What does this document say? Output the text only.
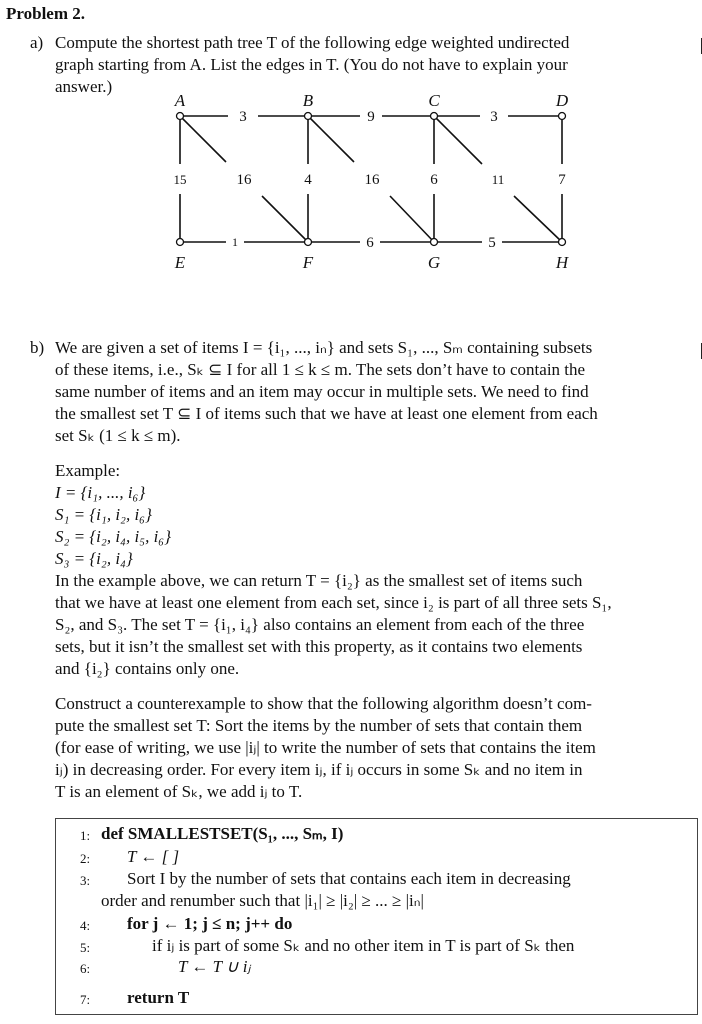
Problem 2.
a) Compute the shortest path tree T of the following edge weighted undirected
graph starting from A. List the edges in T. (You do not have to explain your
answer.)
A	B	C	D
E	F	G	H
3	9	3
15	16	4	16	6	11	7
1	6	5
b) We are given a set of items I = {i₁, ..., iₙ} and sets S₁, ..., Sₘ containing subsets
of these items, i.e., Sₖ ⊆ I for all 1 ≤ k ≤ m. The sets don’t have to contain the
same number of items and an item may occur in multiple sets. We need to find
the smallest set T ⊆ I of items such that we have at least one element from each
set Sₖ (1 ≤ k ≤ m).
Example:
I = {i₁, ..., i₆}
S₁ = {i₁, i₂, i₆}
S₂ = {i₂, i₄, i₅, i₆}
S₃ = {i₂, i₄}
In the example above, we can return T = {i₂} as the smallest set of items such
that we have at least one element from each set, since i₂ is part of all three sets S₁,
S₂, and S₃. The set T = {i₁, i₄} also contains an element from each of the three
sets, but it isn’t the smallest set with this property, as it contains two elements
and {i₂} contains only one.
Construct a counterexample to show that the following algorithm doesn’t com-
pute the smallest set T: Sort the items by the number of sets that contain them
(for ease of writing, we use |iⱼ| to write the number of sets that contains the item
iⱼ) in decreasing order. For every item iⱼ, if iⱼ occurs in some Sₖ and no item in
T is an element of Sₖ, we add iⱼ to T.
1: def SMALLESTSET(S₁, ..., Sₘ, I)
2: T ← [ ]
3: Sort I by the number of sets that contains each item in decreasing
order and renumber such that |i₁| ≥ |i₂| ≥ ... ≥ |iₙ|
4: for j ← 1; j ≤ n; j++ do
5:	if iⱼ is part of some Sₖ and no other item in T is part of Sₖ then
6:	T ← T ∪ iⱼ
7: return T
